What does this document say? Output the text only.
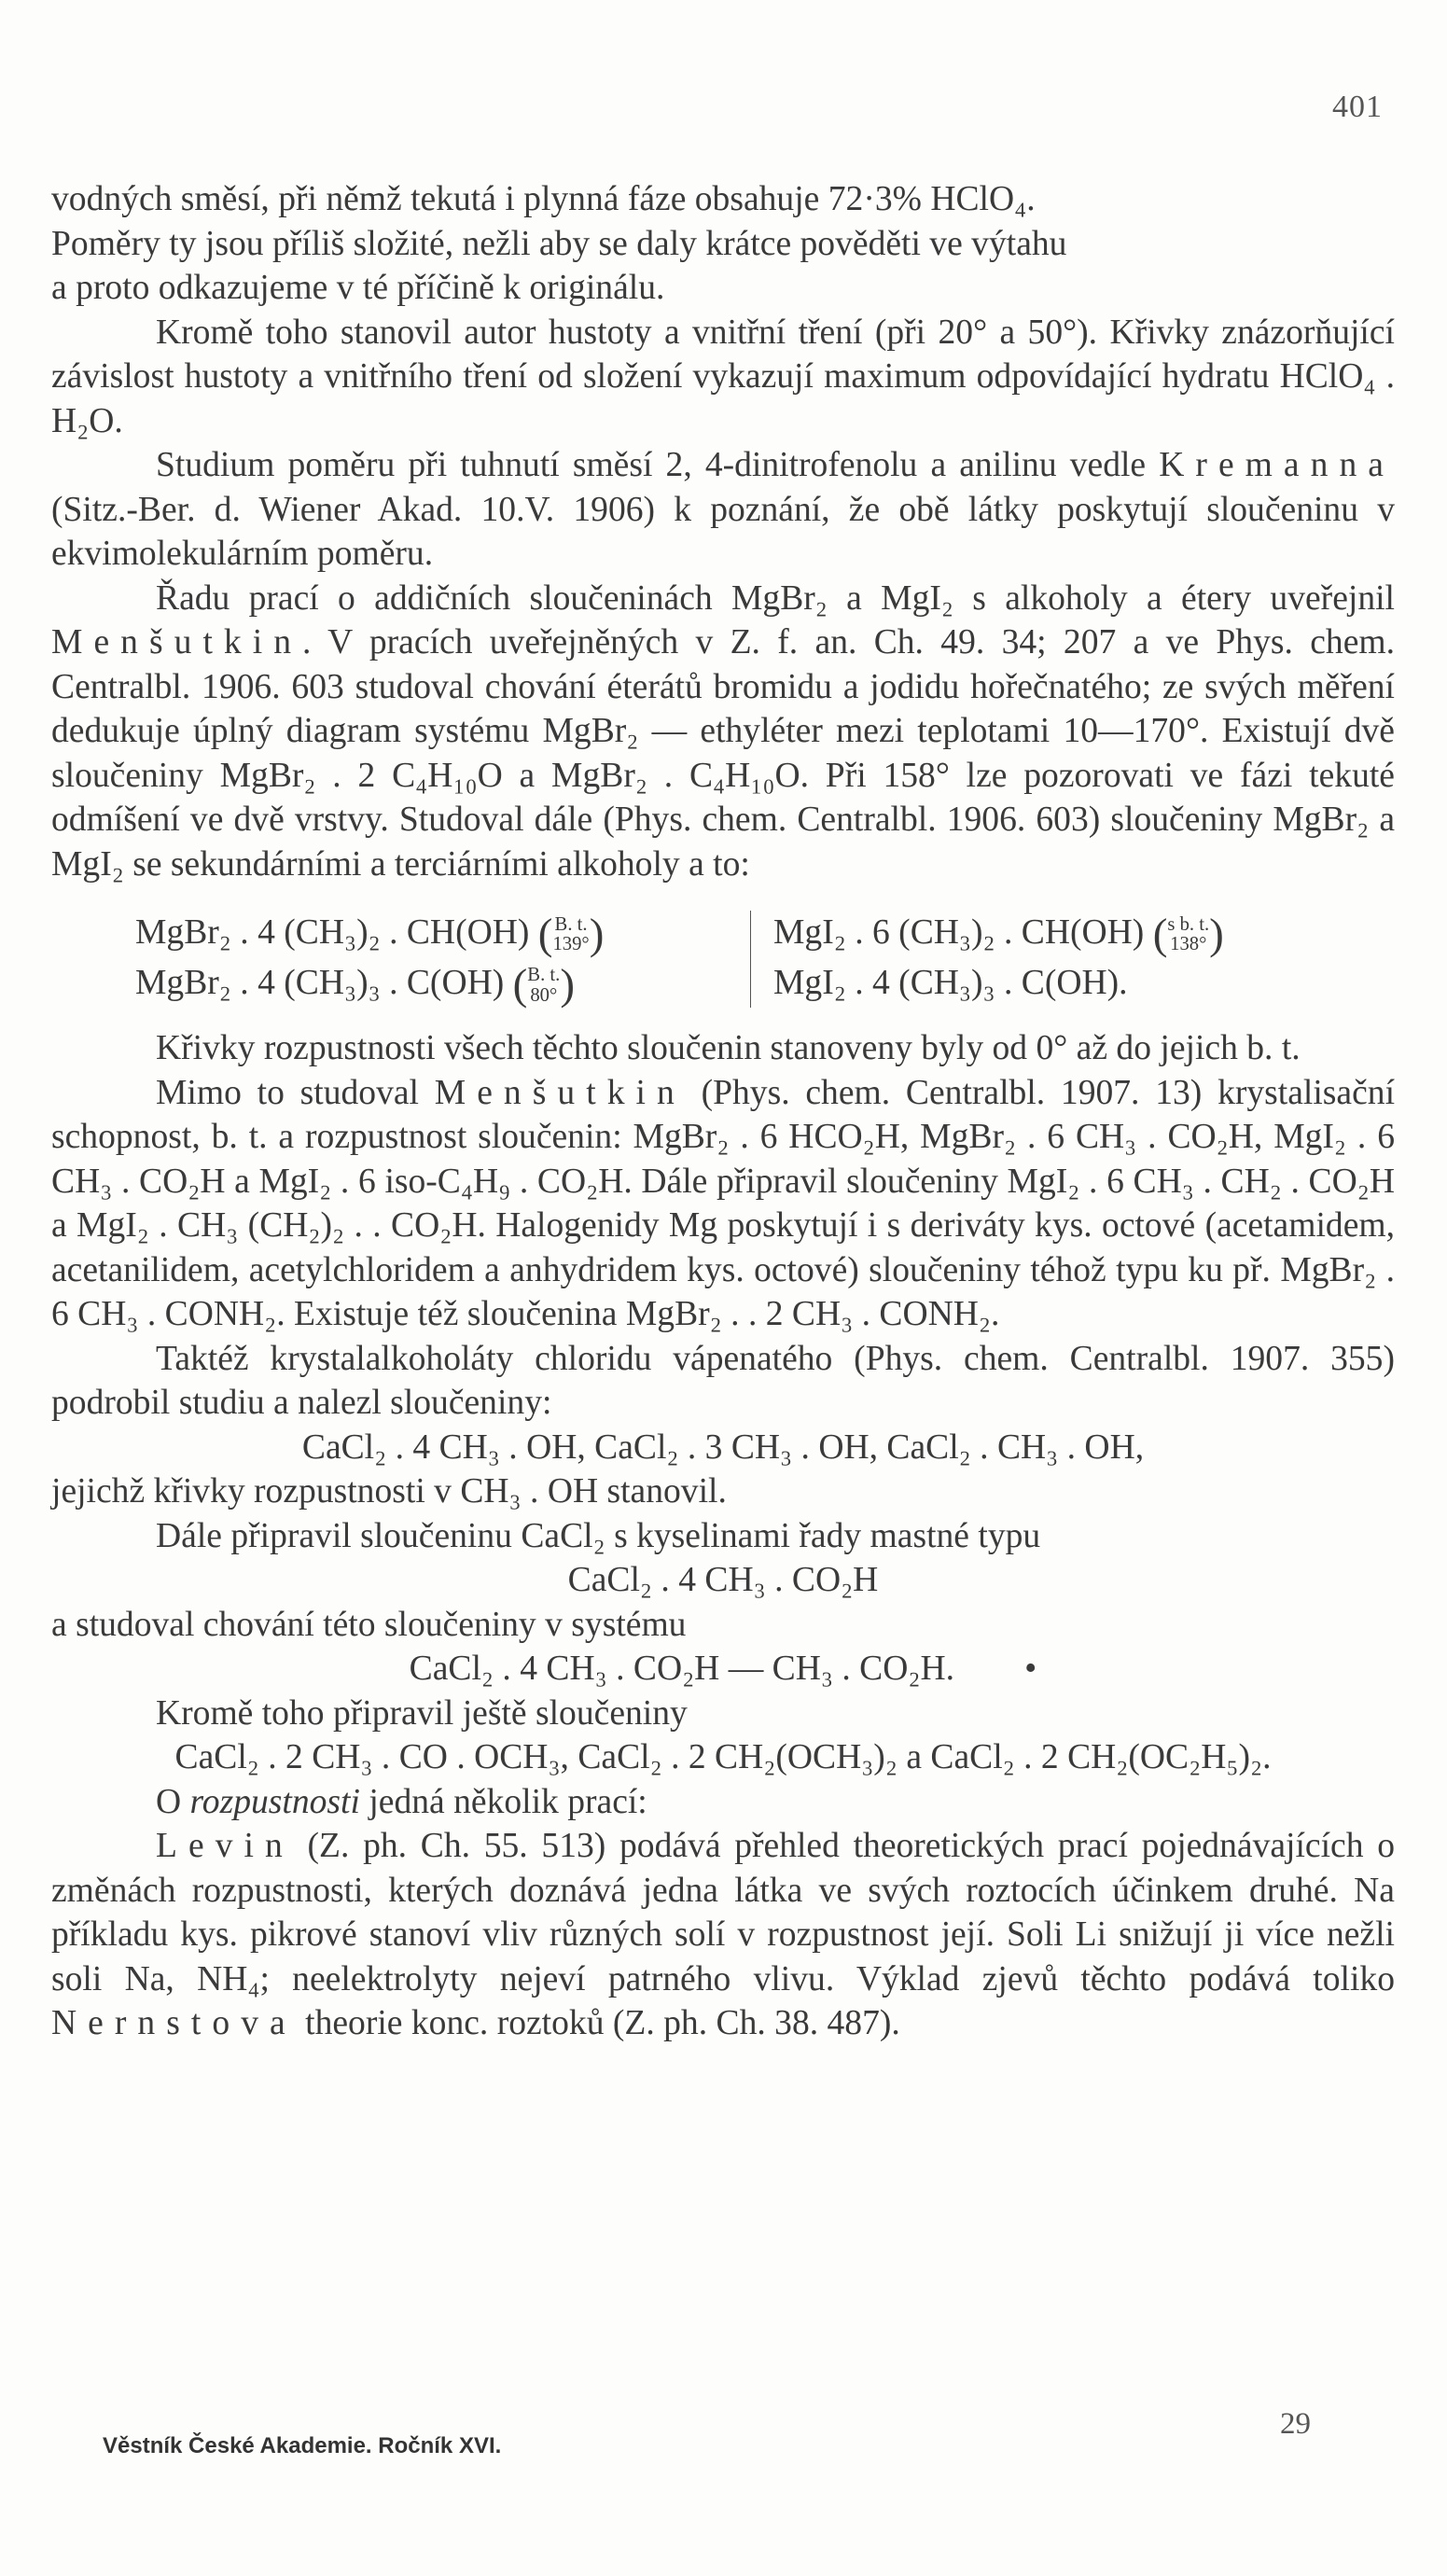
401

vodných směsí, při němž tekutá i plynná fáze obsahuje 72·3% HClO₄.

Poměry ty jsou příliš složité, nežli aby se daly krátce pověděti ve výtahu

a proto odkazujeme v té příčině k originálu.

Kromě toho stanovil autor hustoty a vnitřní tření (při 20° a 50°). Křivky znázorňující závislost hustoty a vnitřního tření od složení vykazují maximum odpovídající hydratu HClO₄ . H₂O.

Studium poměru při tuhnutí směsí 2, 4-dinitrofenolu a anilinu vedle Kremanna (Sitz.-Ber. d. Wiener Akad. 10.V. 1906) k poznání, že obě látky poskytují sloučeninu v ekvimolekulárním poměru.

Řadu prací o addičních sloučeninách MgBr₂ a MgI₂ s alkoholy a étery uveřejnil Menšutkin. V pracích uveřejněných v Z. f. an. Ch. 49. 34; 207 a ve Phys. chem. Centralbl. 1906. 603 studoval chování éterátů bromidu a jodidu hořečnatého; ze svých měření dedukuje úplný diagram systému MgBr₂ — ethyléter mezi teplotami 10—170°. Existují dvě sloučeniny MgBr₂ . 2 C₄H₁₀O a MgBr₂ . C₄H₁₀O. Při 158° lze pozorovati ve fázi tekuté odmíšení ve dvě vrstvy. Studoval dále (Phys. chem. Centralbl. 1906. 603) sloučeniny MgBr₂ a MgI₂ se sekundárními a terciárními alkoholy a to:

MgBr₂ . 4 (CH₃)₂ . CH(OH) ( B. t.
139° )	MgI₂ . 6 (CH₃)₂ . CH(OH) ( s b. t.
138° )
MgBr₂ . 4 (CH₃)₃ . C(OH) ( B. t.
80° )	MgI₂ . 4 (CH₃)₃ . C(OH).

Křivky rozpustnosti všech těchto sloučenin stanoveny byly od 0° až do jejich b. t.

Mimo to studoval Menšutkin (Phys. chem. Centralbl. 1907. 13) krystalisační schopnost, b. t. a rozpustnost sloučenin: MgBr₂ . 6 HCO₂H, MgBr₂ . 6 CH₃ . CO₂H, MgI₂ . 6 CH₃ . CO₂H a MgI₂ . 6 iso-C₄H₉ . CO₂H. Dále připravil sloučeniny MgI₂ . 6 CH₃ . CH₂ . CO₂H a MgI₂ . CH₃ (CH₂)₂ . . CO₂H. Halogenidy Mg poskytují i s deriváty kys. octové (acetamidem, acetanilidem, acetylchloridem a anhydridem kys. octové) sloučeniny téhož typu ku př. MgBr₂ . 6 CH₃ . CONH₂. Existuje též sloučenina MgBr₂ . . 2 CH₃ . CONH₂.

Taktéž krystalalkoholáty chloridu vápenatého (Phys. chem. Centralbl. 1907. 355) podrobil studiu a nalezl sloučeniny:

CaCl₂ . 4 CH₃ . OH, CaCl₂ . 3 CH₃ . OH, CaCl₂ . CH₃ . OH,

jejichž křivky rozpustnosti v CH₃ . OH stanovil.

Dále připravil sloučeninu CaCl₂ s kyselinami řady mastné typu

CaCl₂ . 4 CH₃ . CO₂H

a studoval chování této sloučeniny v systému

CaCl₂ . 4 CH₃ . CO₂H — CH₃ . CO₂H. •

Kromě toho připravil ještě sloučeniny

CaCl₂ . 2 CH₃ . CO . OCH₃, CaCl₂ . 2 CH₂(OCH₃)₂ a CaCl₂ . 2 CH₂(OC₂H₅)₂.

O rozpustnosti jedná několik prací:

Levin (Z. ph. Ch. 55. 513) podává přehled theoretických prací pojednávajících o změnách rozpustnosti, kterých doznává jedna látka ve svých roztocích účinkem druhé. Na příkladu kys. pikrové stanoví vliv různých solí v rozpustnost její. Soli Li snižují ji více nežli soli Na, NH₄; neelektrolyty nejeví patrného vlivu. Výklad zjevů těchto podává toliko Nernstova theorie konc. roztoků (Z. ph. Ch. 38. 487).

29
Věstník České Akademie. Ročník XVI.
